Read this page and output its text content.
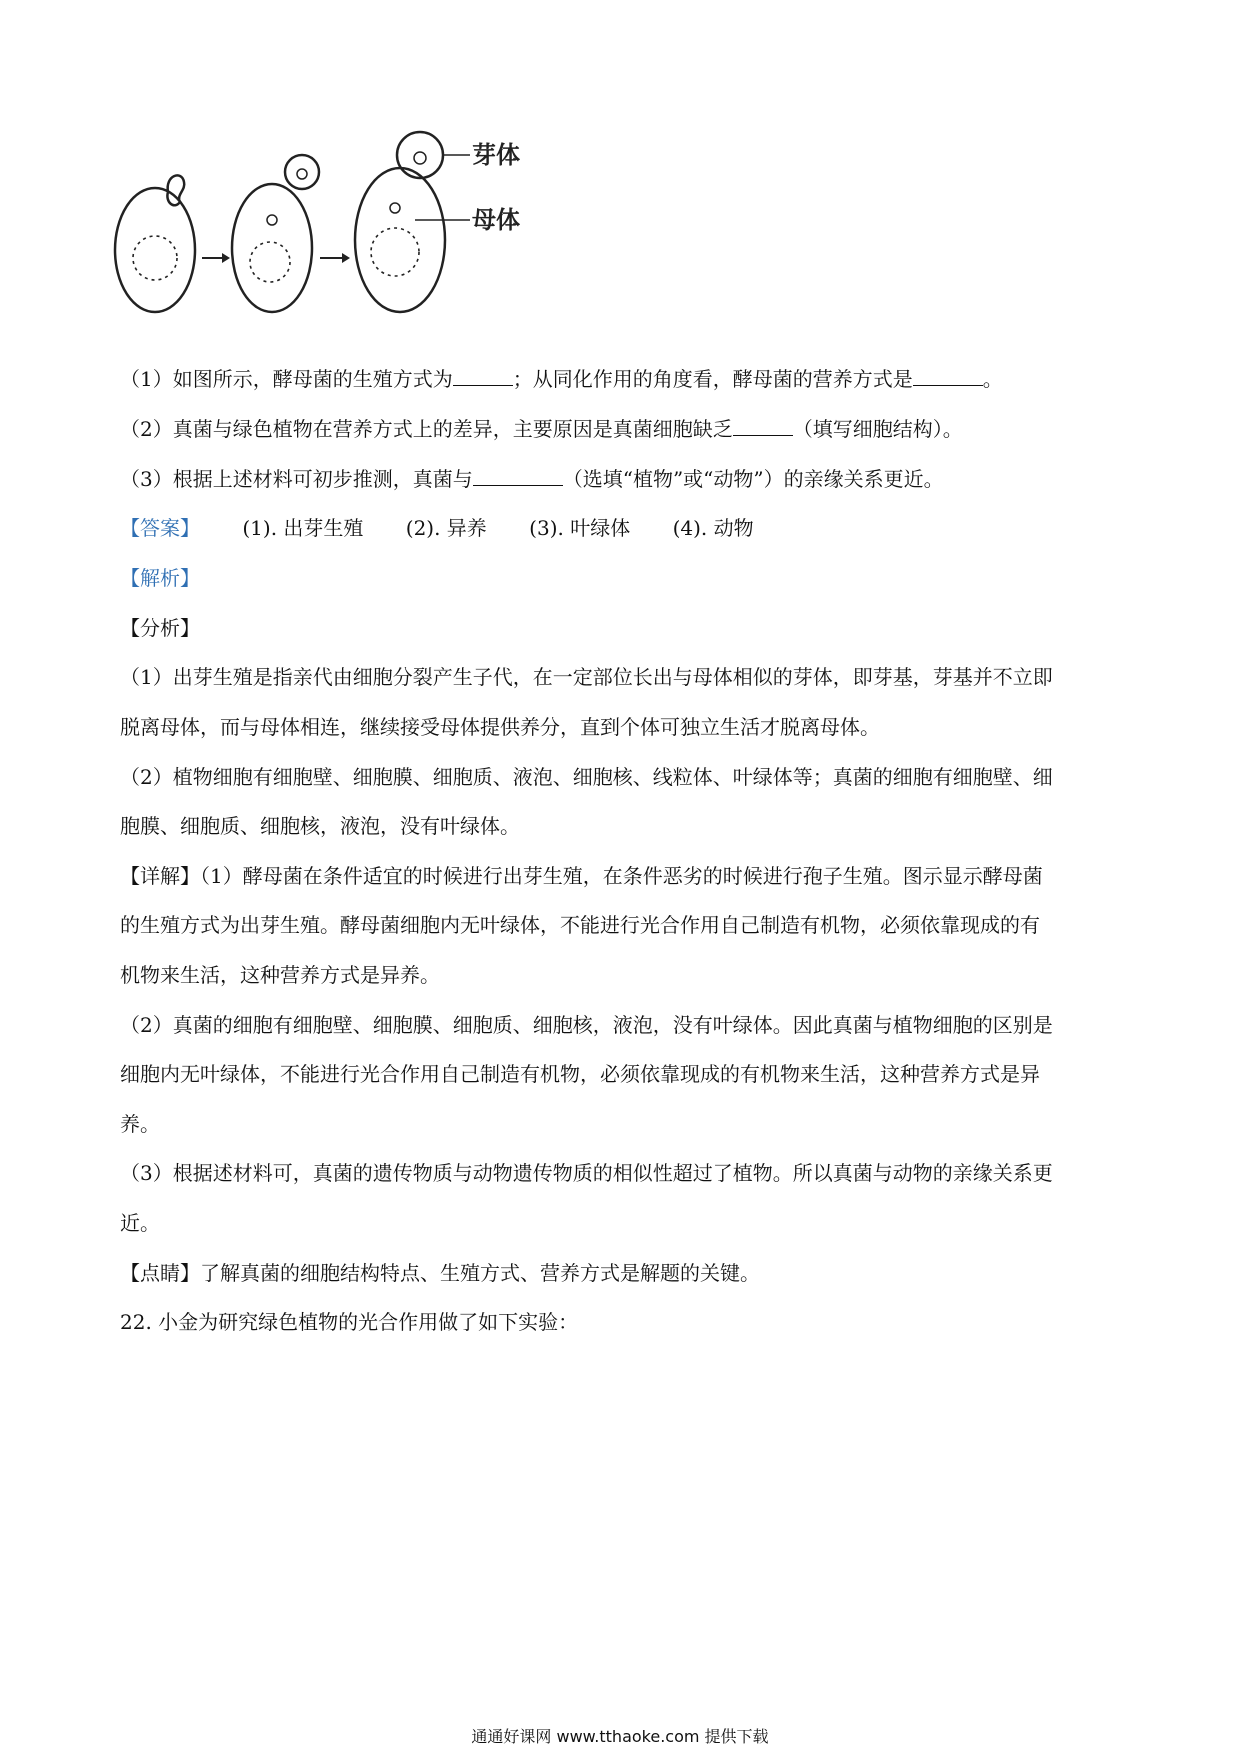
芽体
母体
（1）如图所示，酵母菌的生殖方式为	；从同化作用的角度看，酵母菌的营养方式是	。
（2）真菌与绿色植物在营养方式上的差异，主要原因是真菌细胞缺乏	（填写细胞结构）。
（3）根据上述材料可初步推测，真菌与	（选填“植物”或“动物”）的亲缘关系更近。
【答案】 (1). 出芽生殖 (2). 异养 (3). 叶绿体 (4). 动物
【解析】
【分析】
（1）出芽生殖是指亲代由细胞分裂产生子代，在一定部位长出与母体相似的芽体，即芽基，芽基并不立即
脱离母体，而与母体相连，继续接受母体提供养分，直到个体可独立生活才脱离母体。
（2）植物细胞有细胞壁、细胞膜、细胞质、液泡、细胞核、线粒体、叶绿体等；真菌的细胞有细胞壁、细
胞膜、细胞质、细胞核，液泡，没有叶绿体。
【详解】（1）酵母菌在条件适宜的时候进行出芽生殖，在条件恶劣的时候进行孢子生殖。图示显示酵母菌
的生殖方式为出芽生殖。酵母菌细胞内无叶绿体，不能进行光合作用自己制造有机物，必须依靠现成的有
机物来生活，这种营养方式是异养。
（2）真菌的细胞有细胞壁、细胞膜、细胞质、细胞核，液泡，没有叶绿体。因此真菌与植物细胞的区别是
细胞内无叶绿体，不能进行光合作用自己制造有机物，必须依靠现成的有机物来生活，这种营养方式是异
养。
（3）根据述材料可，真菌的遗传物质与动物遗传物质的相似性超过了植物。所以真菌与动物的亲缘关系更
近。
【点睛】了解真菌的细胞结构特点、生殖方式、营养方式是解题的关键。
22. 小金为研究绿色植物的光合作用做了如下实验：
通通好课网 www.tthaoke.com 提供下载
